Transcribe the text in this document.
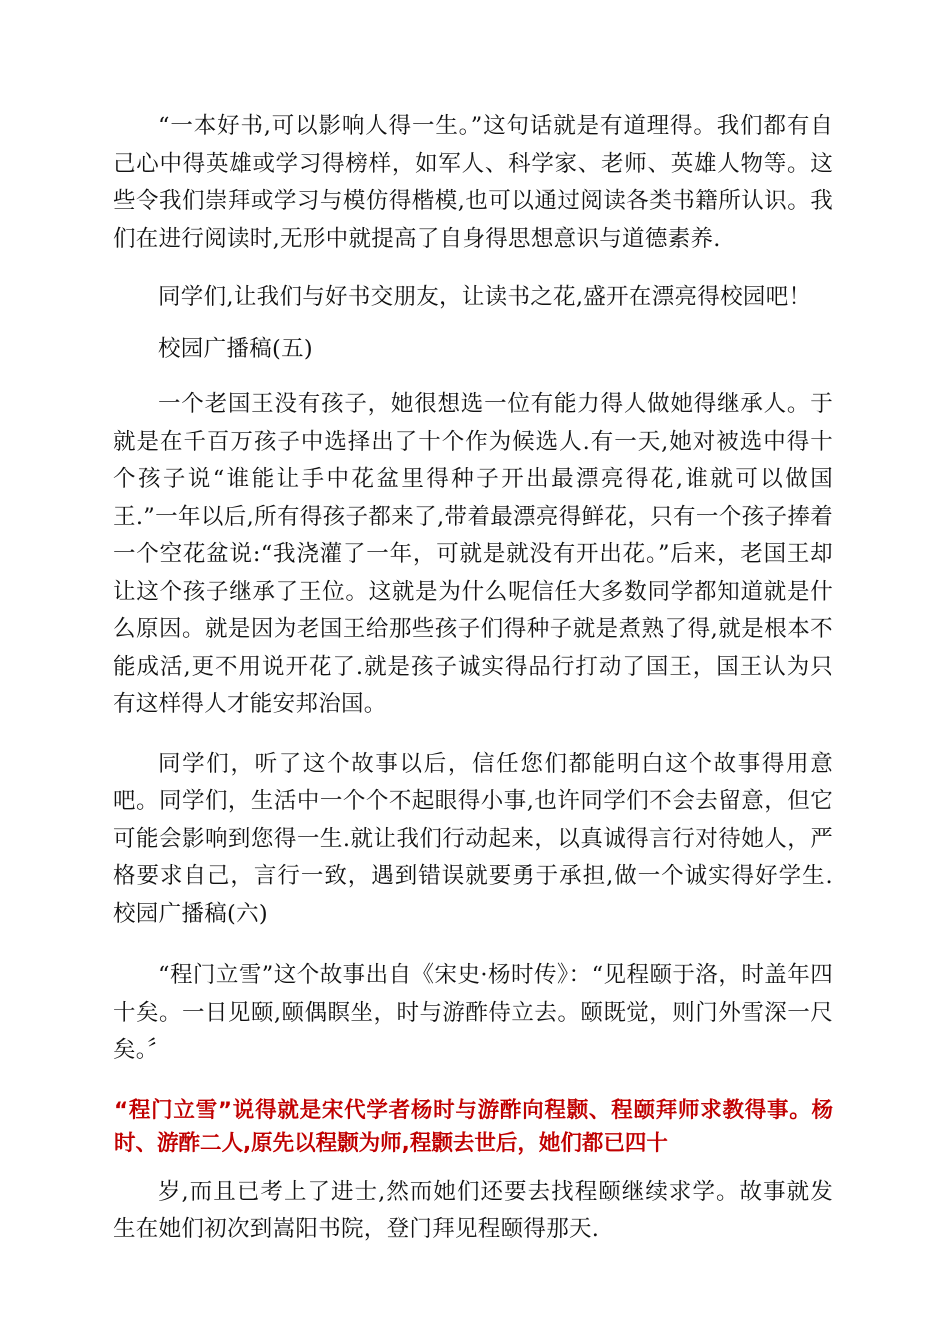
“一本好书,可以影响人得一生。”这句话就是有道理得。我们都有自己心中得英雄或学习得榜样，如军人、科学家、老师、英雄人物等。这些令我们崇拜或学习与模仿得楷模,也可以通过阅读各类书籍所认识。我们在进行阅读时,无形中就提高了自身得思想意识与道德素养.

同学们,让我们与好书交朋友，让读书之花,盛开在漂亮得校园吧！

校园广播稿(五)

一个老国王没有孩子，她很想选一位有能力得人做她得继承人。于就是在千百万孩子中选择出了十个作为候选人.有一天,她对被选中得十个孩子说“谁能让手中花盆里得种子开出最漂亮得花,谁就可以做国王.”一年以后,所有得孩子都来了,带着最漂亮得鲜花，只有一个孩子捧着一个空花盆说:“我浇灌了一年，可就是就没有开出花。”后来，老国王却让这个孩子继承了王位。这就是为什么呢信任大多数同学都知道就是什么原因。就是因为老国王给那些孩子们得种子就是煮熟了得,就是根本不能成活,更不用说开花了.就是孩子诚实得品行打动了国王，国王认为只有这样得人才能安邦治国。

同学们，听了这个故事以后，信任您们都能明白这个故事得用意吧。同学们，生活中一个个不起眼得小事,也许同学们不会去留意，但它可能会影响到您得一生.就让我们行动起来，以真诚得言行对待她人，严格要求自己，言行一致，遇到错误就要勇于承担,做一个诚实得好学生.校园广播稿(六)

“程门立雪”这个故事出自《宋史·杨时传》：“见程颐于洛，时盖年四十矣。一日见颐,颐偶瞑坐，时与游酢侍立去。颐既觉，则门外雪深一尺矣。〞

“程门立雪”说得就是宋代学者杨时与游酢向程颢、程颐拜师求教得事。杨时、游酢二人,原先以程颢为师,程颢去世后，她们都已四十

岁,而且已考上了进士,然而她们还要去找程颐继续求学。故事就发生在她们初次到嵩阳书院，登门拜见程颐得那天.
